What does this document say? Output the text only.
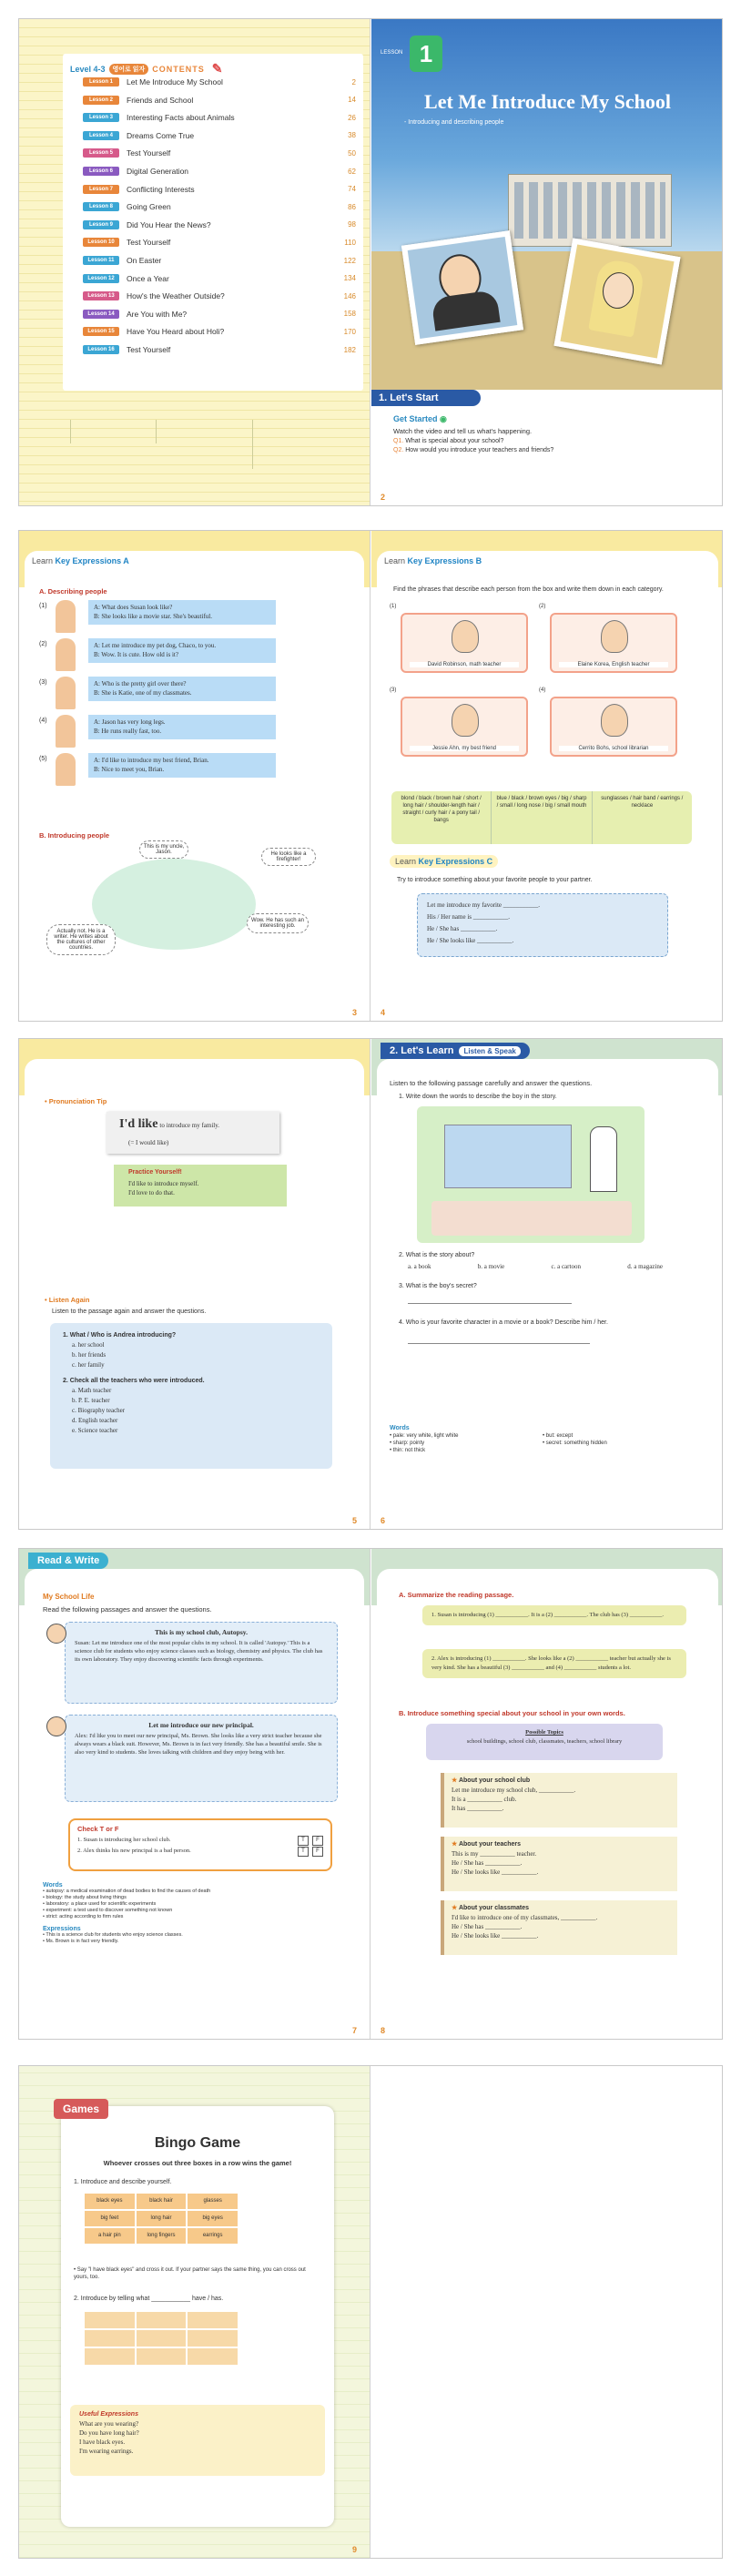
Level 4-3	영어로 읽자 CONTENTS ✎
Lesson 1	Let Me Introduce My School	2
Lesson 2	Friends and School	14
Lesson 3	Interesting Facts about Animals	26
Lesson 4	Dreams Come True	38
Lesson 5	Test Yourself	50
Lesson 6	Digital Generation	62
Lesson 7	Conflicting Interests	74
Lesson 8	Going Green	86
Lesson 9	Did You Hear the News?	98
Lesson 10	Test Yourself	110
Lesson 11	On Easter	122
Lesson 12	Once a Year	134
Lesson 13	How's the Weather Outside?	146
Lesson 14	Are You with Me?	158
Lesson 15	Have You Heard about Holi?	170
Lesson 16	Test Yourself	182
1
LESSON
Let Me Introduce My School
- Introducing and describing people
1. Let's Start
Get Started ◉
Watch the video and tell us what's happening.
Q1. What is special about your school?
Q2. How would you introduce your teachers and friends?
2
Learn Key Expressions A
A. Describing people
(1)	A: What does Susan look like?

B: She looks like a movie star. She's beautiful.

(2)	A: Let me introduce my pet dog, Chaco, to you.

B: Wow. It is cute. How old is it?

(3)	A: Who is the pretty girl over there?

B: She is Katie, one of my classmates.

(4)	A: Jason has very long legs.

B: He runs really fast, too.

(5)	A: I'd like to introduce my best friend, Brian.

B: Nice to meet you, Brian.

B. Introducing people
This is my uncle, Jason.	He looks like a firefighter!
Actually not. He is a writer. He writes about the cultures of other countries.
Wow. He has such an interesting job.
3
Learn Key Expressions B
Find the phrases that describe each person from the box and write them down in each category.
(1)
David Robinson, math teacher
(2)
Elaine Korea, English teacher
(3)
Jessie Ahn, my best friend
(4)
Cerrito Bohs, school librarian
blond / black / brown hair / short / long hair / shoulder-length hair / straight / curly hair / a pony tail / bangs
blue / black / brown eyes / big / sharp / small / long nose / big / small mouth
sunglasses / hair band / earrings / necklace
Learn Key Expressions C
Try to introduce something about your favorite people to your partner.
Let me introduce my favorite ___________.
His / Her name is ___________.
He / She has ___________.
He / She looks like ___________.
4
• Pronunciation Tip
I'd like to introduce my family.
(= I would like)
Practice Yourself!
I'd like to introduce myself.
I'd love to do that.
• Listen Again
Listen to the passage again and answer the questions.
1. What / Who is Andrea introducing?
a. her school
b. her friends
c. her family
2. Check all the teachers who were introduced.
a. Math teacher
b. P. E. teacher
c. Biography teacher
d. English teacher
e. Science teacher
5
2. Let's Learn Listen & Speak
Listen to the following passage carefully and answer the questions.
1. Write down the words to describe the boy in the story.
2. What is the story about?
a. a book	b. a movie	c. a cartoon	d. a magazine
3. What is the boy's secret?
4. Who is your favorite character in a movie or a book? Describe him / her.
Words
• pale: very white, light white
• sharp: pointy
• thin: not thick
• but: except
• secret: something hidden
6
Read & Write
My School Life
Read the following passages and answer the questions.
This is my school club, Autopsy.
Susan: Let me introduce one of the most popular clubs in my school. It is called 'Autopsy.' This is a science club for students who enjoy science classes such as biology, chemistry and physics. The club has its own laboratory. They enjoy discovering scientific facts through experiments.
Let me introduce our new principal.
Alex: I'd like you to meet our new principal, Ms. Brown. She looks like a very strict teacher because she always wears a black suit. However, Ms. Brown is in fact very friendly. She has a beautiful smile. She is also very kind to students. She loves talking with children and they enjoy being with her.
Check T or F
1. Susan is introducing her school club.	T F
2. Alex thinks his new principal is a bad person.	T F
Words
• autopsy: a medical examination of dead bodies to find the causes of death
• biology: the study about living things
• laboratory: a place used for scientific experiments
• experiment: a test used to discover something not known
• strict: acting according to firm rules
Expressions
• This is a science club for students who enjoy science classes.
• Ms. Brown is in fact very friendly.
7
A. Summarize the reading passage.
1. Susan is introducing (1) ___________. It is a (2) ___________. The club has (3) ___________.
2. Alex is introducing (1) ___________. She looks like a (2) ___________ teacher but actually she is very kind. She has a beautiful (3) ___________ and (4) ___________ students a lot.
B. Introduce something special about your school in your own words.
Possible Topics
school buildings, school club, classmates, teachers, school library
★ About your school club
Let me introduce my school club, ___________.
It is a ___________ club.
It has ___________.
★ About your teachers
This is my ___________ teacher.
He / She has ___________.
He / She looks like ___________.
★ About your classmates
I'd like to introduce one of my classmates, ___________.
He / She has ___________.
He / She looks like ___________.
8
Games
Bingo Game
Whoever crosses out three boxes in a row wins the game!
1. Introduce and describe yourself.
black eyes	black hair	glasses
big feet	long hair	big eyes
a hair pin	long fingers	earrings
• Say "I have black eyes" and cross it out. If your partner says the same thing, you can cross out yours, too.
2. Introduce by telling what ___________ have / has.
Useful Expressions
What are you wearing?
Do you have long hair?
I have black eyes.
I'm wearing earrings.
9
